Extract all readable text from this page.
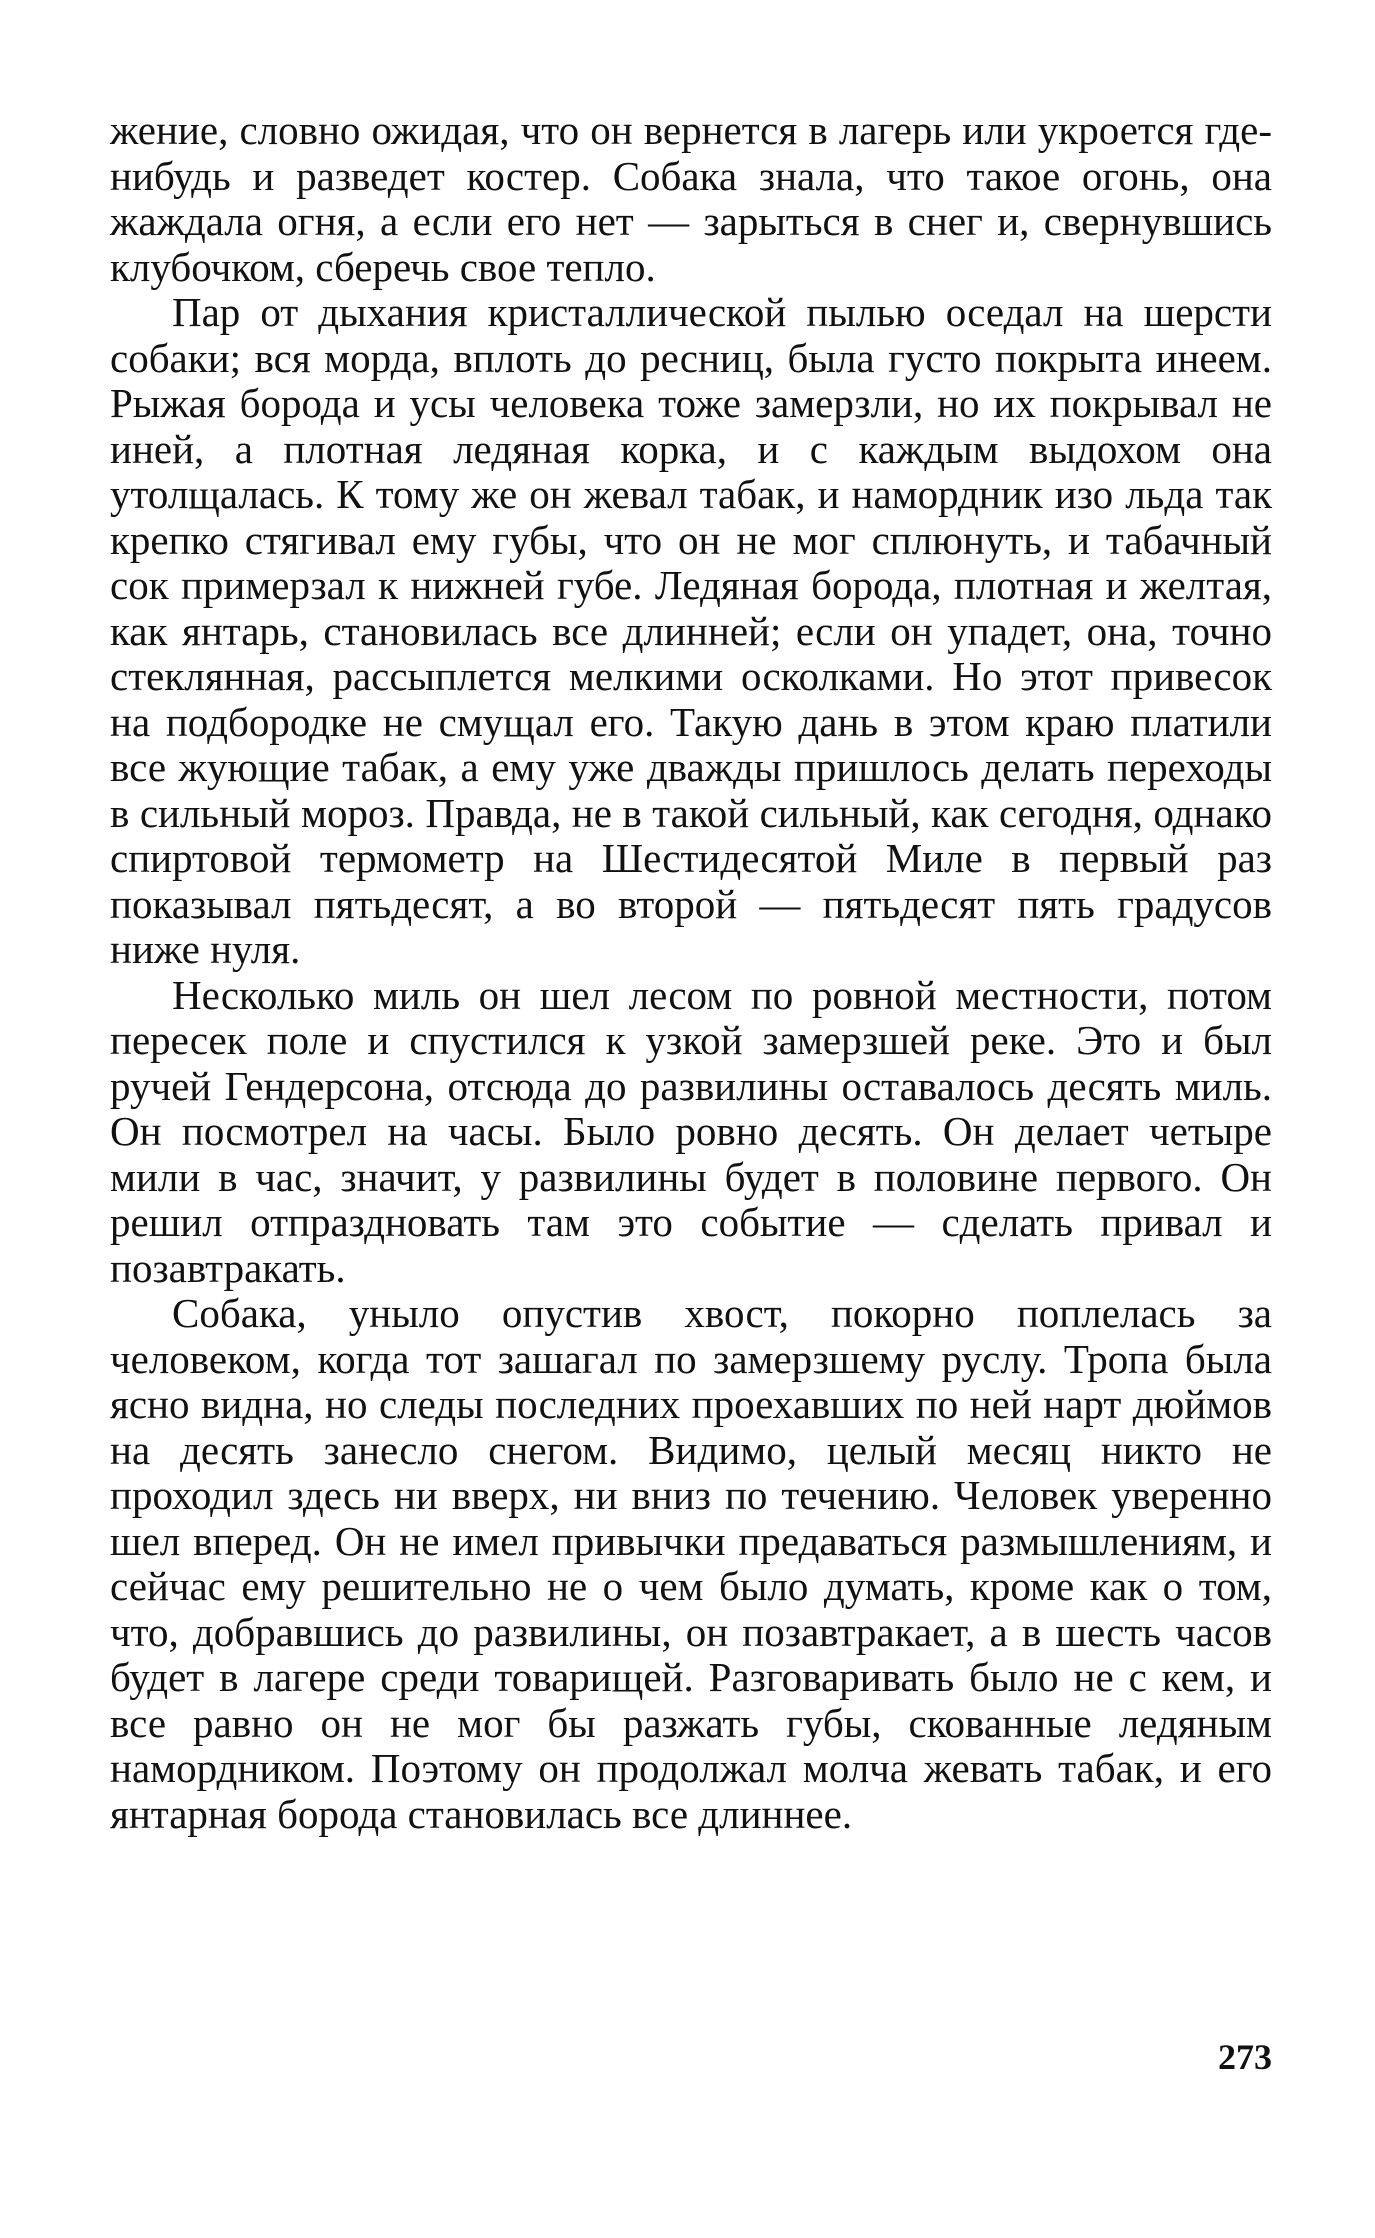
жение, словно ожидая, что он вернется в лагерь или укроется где-нибудь и разведет костер. Собака знала, что такое огонь, она жаждала огня, а если его нет — зарыться в снег и, свернувшись клубочком, сберечь свое тепло.

Пар от дыхания кристаллической пылью оседал на шерсти собаки; вся морда, вплоть до ресниц, была густо покрыта инеем. Рыжая борода и усы человека тоже замерзли, но их покрывал не иней, а плотная ледяная корка, и с каждым выдохом она утолщалась. К тому же он жевал табак, и намордник изо льда так крепко стягивал ему губы, что он не мог сплюнуть, и табачный сок примерзал к нижней губе. Ледяная борода, плотная и желтая, как янтарь, становилась все длинней; если он упадет, она, точно стеклянная, рассыплется мелкими осколками. Но этот привесок на подбородке не смущал его. Такую дань в этом краю платили все жующие табак, а ему уже дважды пришлось делать переходы в сильный мороз. Правда, не в такой сильный, как сегодня, однако спиртовой термометр на Шестидесятой Миле в первый раз показывал пятьдесят, а во второй — пятьдесят пять градусов ниже нуля.

Несколько миль он шел лесом по ровной местности, потом пересек поле и спустился к узкой замерзшей реке. Это и был ручей Гендерсона, отсюда до развилины оставалось десять миль. Он посмотрел на часы. Было ровно десять. Он делает четыре мили в час, значит, у развилины будет в половине первого. Он решил отпраздновать там это событие — сделать привал и позавтракать.

Собака, уныло опустив хвост, покорно поплелась за человеком, когда тот зашагал по замерзшему руслу. Тропа была ясно видна, но следы последних проехавших по ней нарт дюймов на десять занесло снегом. Видимо, целый месяц никто не проходил здесь ни вверх, ни вниз по течению. Человек уверенно шел вперед. Он не имел привычки предаваться размышлениям, и сейчас ему решительно не о чем было думать, кроме как о том, что, добравшись до развилины, он позавтракает, а в шесть часов будет в лагере среди товарищей. Разговаривать было не с кем, и все равно он не мог бы разжать губы, скованные ледяным намордником. Поэтому он продолжал молча жевать табак, и его янтарная борода становилась все длиннее.

273
